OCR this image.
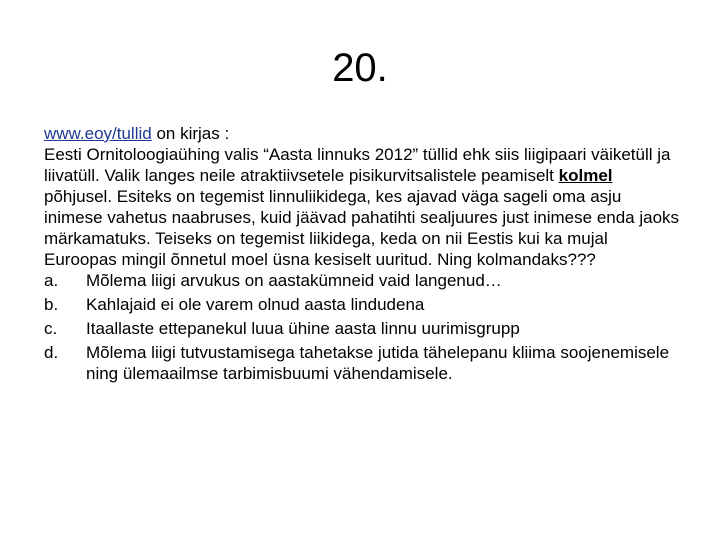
20.

www.eoy/tullid on kirjas :

Eesti Ornitoloogiaühing valis “Aasta linnuks 2012” tüllid ehk siis liigipaari väiketüll ja liivatüll. Valik langes neile atraktiivsetele pisikurvitsalistele peamiselt kolmel põhjusel. Esiteks on tegemist linnuliikidega, kes ajavad väga sageli oma asju inimese vahetus naabruses, kuid jäävad pahatihti sealjuures just inimese enda jaoks märkamatuks. Teiseks on tegemist liikidega, keda on nii Eestis kui ka mujal Euroopas mingil õnnetul moel üsna kesiselt uuritud. Ning kolmandaks???

a.	Mõlema liigi arvukus on aastakümneid vaid langenud…
b.	Kahlajaid ei ole varem olnud aasta lindudena
c.	Itaallaste ettepanekul luua ühine aasta linnu uurimisgrupp
d.	Mõlema liigi tutvustamisega tahetakse jutida tähelepanu kliima soojenemisele ning ülemaailmse tarbimisbuumi vähendamisele.
